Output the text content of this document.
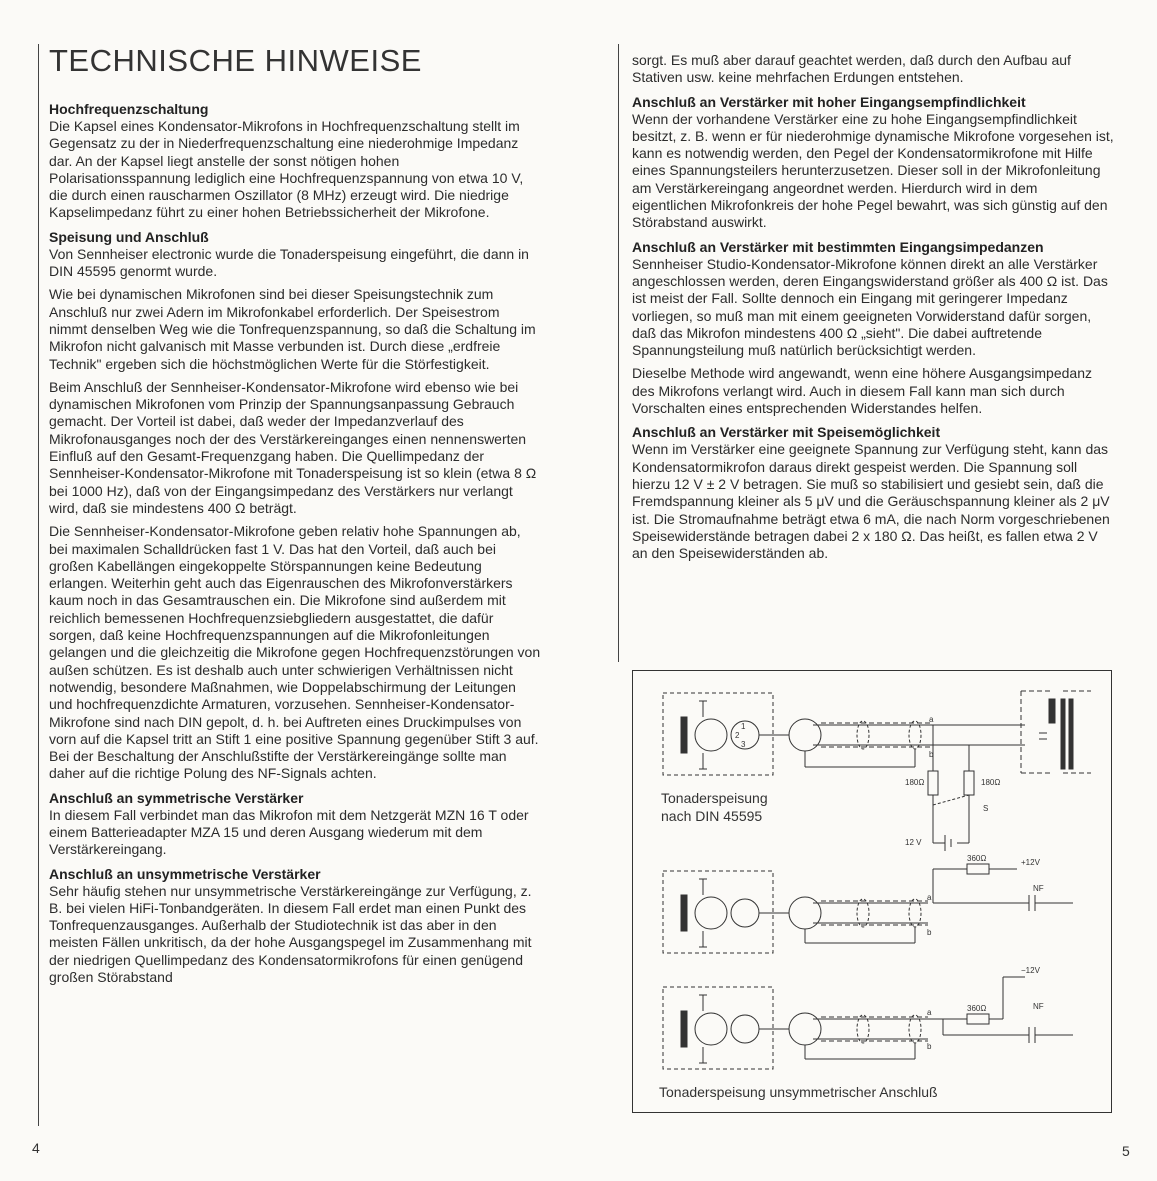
TECHNISCHE HINWEISE

Hochfrequenzschaltung

Die Kapsel eines Kondensator-Mikrofons in Hochfrequenzschaltung stellt im Gegensatz zu der in Niederfrequenzschaltung eine niederohmige Impedanz dar. An der Kapsel liegt anstelle der sonst nötigen hohen Polarisationsspannung lediglich eine Hochfrequenzspannung von etwa 10 V, die durch einen rauscharmen Oszillator (8 MHz) erzeugt wird. Die niedrige Kapselimpedanz führt zu einer hohen Betriebssicherheit der Mikrofone.

Speisung und Anschluß

Von Sennheiser electronic wurde die Tonaderspeisung eingeführt, die dann in DIN 45595 genormt wurde.

Wie bei dynamischen Mikrofonen sind bei dieser Speisungstechnik zum Anschluß nur zwei Adern im Mikrofonkabel erforderlich. Der Speisestrom nimmt denselben Weg wie die Tonfrequenzspannung, so daß die Schaltung im Mikrofon nicht galvanisch mit Masse verbunden ist. Durch diese „erdfreie Technik" ergeben sich die höchstmöglichen Werte für die Störfestigkeit.

Beim Anschluß der Sennheiser-Kondensator-Mikrofone wird ebenso wie bei dynamischen Mikrofonen vom Prinzip der Spannungsanpassung Gebrauch gemacht. Der Vorteil ist dabei, daß weder der Impedanzverlauf des Mikrofonausganges noch der des Verstärkereinganges einen nennenswerten Einfluß auf den Gesamt-Frequenzgang haben. Die Quellimpedanz der Sennheiser-Kondensator-Mikrofone mit Tonaderspeisung ist so klein (etwa 8 Ω bei 1000 Hz), daß von der Eingangsimpedanz des Verstärkers nur verlangt wird, daß sie mindestens 400 Ω beträgt.

Die Sennheiser-Kondensator-Mikrofone geben relativ hohe Spannungen ab, bei maximalen Schalldrücken fast 1 V. Das hat den Vorteil, daß auch bei großen Kabellängen eingekoppelte Störspannungen keine Bedeutung erlangen. Weiterhin geht auch das Eigenrauschen des Mikrofonverstärkers kaum noch in das Gesamtrauschen ein. Die Mikrofone sind außerdem mit reichlich bemessenen Hochfrequenzsiebgliedern ausgestattet, die dafür sorgen, daß keine Hochfrequenzspannungen auf die Mikrofonleitungen gelangen und die gleichzeitig die Mikrofone gegen Hochfrequenzstörungen von außen schützen. Es ist deshalb auch unter schwierigen Verhältnissen nicht notwendig, besondere Maßnahmen, wie Doppelabschirmung der Leitungen und hochfrequenzdichte Armaturen, vorzusehen. Sennheiser-Kondensator-Mikrofone sind nach DIN gepolt, d. h. bei Auftreten eines Druckimpulses von vorn auf die Kapsel tritt an Stift 1 eine positive Spannung gegenüber Stift 3 auf. Bei der Beschaltung der Anschlußstifte der Verstärkereingänge sollte man daher auf die richtige Polung des NF-Signals achten.

Anschluß an symmetrische Verstärker

In diesem Fall verbindet man das Mikrofon mit dem Netzgerät MZN 16 T oder einem Batterieadapter MZA 15 und deren Ausgang wiederum mit dem Verstärkereingang.

Anschluß an unsymmetrische Verstärker

Sehr häufig stehen nur unsymmetrische Verstärkereingänge zur Verfügung, z. B. bei vielen HiFi-Tonbandgeräten. In diesem Fall erdet man einen Punkt des Tonfrequenzausganges. Außerhalb der Studiotechnik ist das aber in den meisten Fällen unkritisch, da der hohe Ausgangspegel im Zusammenhang mit der niedrigen Quellimpedanz des Kondensatormikrofons für einen genügend großen Störabstand

4

sorgt. Es muß aber darauf geachtet werden, daß durch den Aufbau auf Stativen usw. keine mehrfachen Erdungen entstehen.

Anschluß an Verstärker mit hoher Eingangsempfindlichkeit

Wenn der vorhandene Verstärker eine zu hohe Eingangsempfindlichkeit besitzt, z. B. wenn er für niederohmige dynamische Mikrofone vorgesehen ist, kann es notwendig werden, den Pegel der Kondensatormikrofone mit Hilfe eines Spannungsteilers herunterzusetzen. Dieser soll in der Mikrofonleitung am Verstärkereingang angeordnet werden. Hierdurch wird in dem eigentlichen Mikrofonkreis der hohe Pegel bewahrt, was sich günstig auf den Störabstand auswirkt.

Anschluß an Verstärker mit bestimmten Eingangsimpedanzen

Sennheiser Studio-Kondensator-Mikrofone können direkt an alle Verstärker angeschlossen werden, deren Eingangswiderstand größer als 400 Ω ist. Das ist meist der Fall. Sollte dennoch ein Eingang mit geringerer Impedanz vorliegen, so muß man mit einem geeigneten Vorwiderstand dafür sorgen, daß das Mikrofon mindestens 400 Ω „sieht". Die dabei auftretende Spannungsteilung muß natürlich berücksichtigt werden.

Dieselbe Methode wird angewandt, wenn eine höhere Ausgangsimpedanz des Mikrofons verlangt wird. Auch in diesem Fall kann man sich durch Vorschalten eines entsprechenden Widerstandes helfen.

Anschluß an Verstärker mit Speisemöglichkeit

Wenn im Verstärker eine geeignete Spannung zur Verfügung steht, kann das Kondensatormikrofon daraus direkt gespeist werden. Die Spannung soll hierzu 12 V ± 2 V betragen. Sie muß so stabilisiert und gesiebt sein, daß die Fremdspannung kleiner als 5 μV und die Geräuschspannung kleiner als 2 μV ist. Die Stromaufnahme beträgt etwa 6 mA, die nach Norm vorgeschriebenen Speisewiderstände betragen dabei 2 x 180 Ω. Das heißt, es fallen etwa 2 V an den Speisewiderständen ab.

5
a
b
180Ω	180Ω
S
12 V
360Ω	+12V
NF
a
b
−12V
NF
360Ω
a
b
1
2
3
Tonaderspeisung
nach DIN 45595
Tonaderspeisung unsymmetrischer Anschluß
